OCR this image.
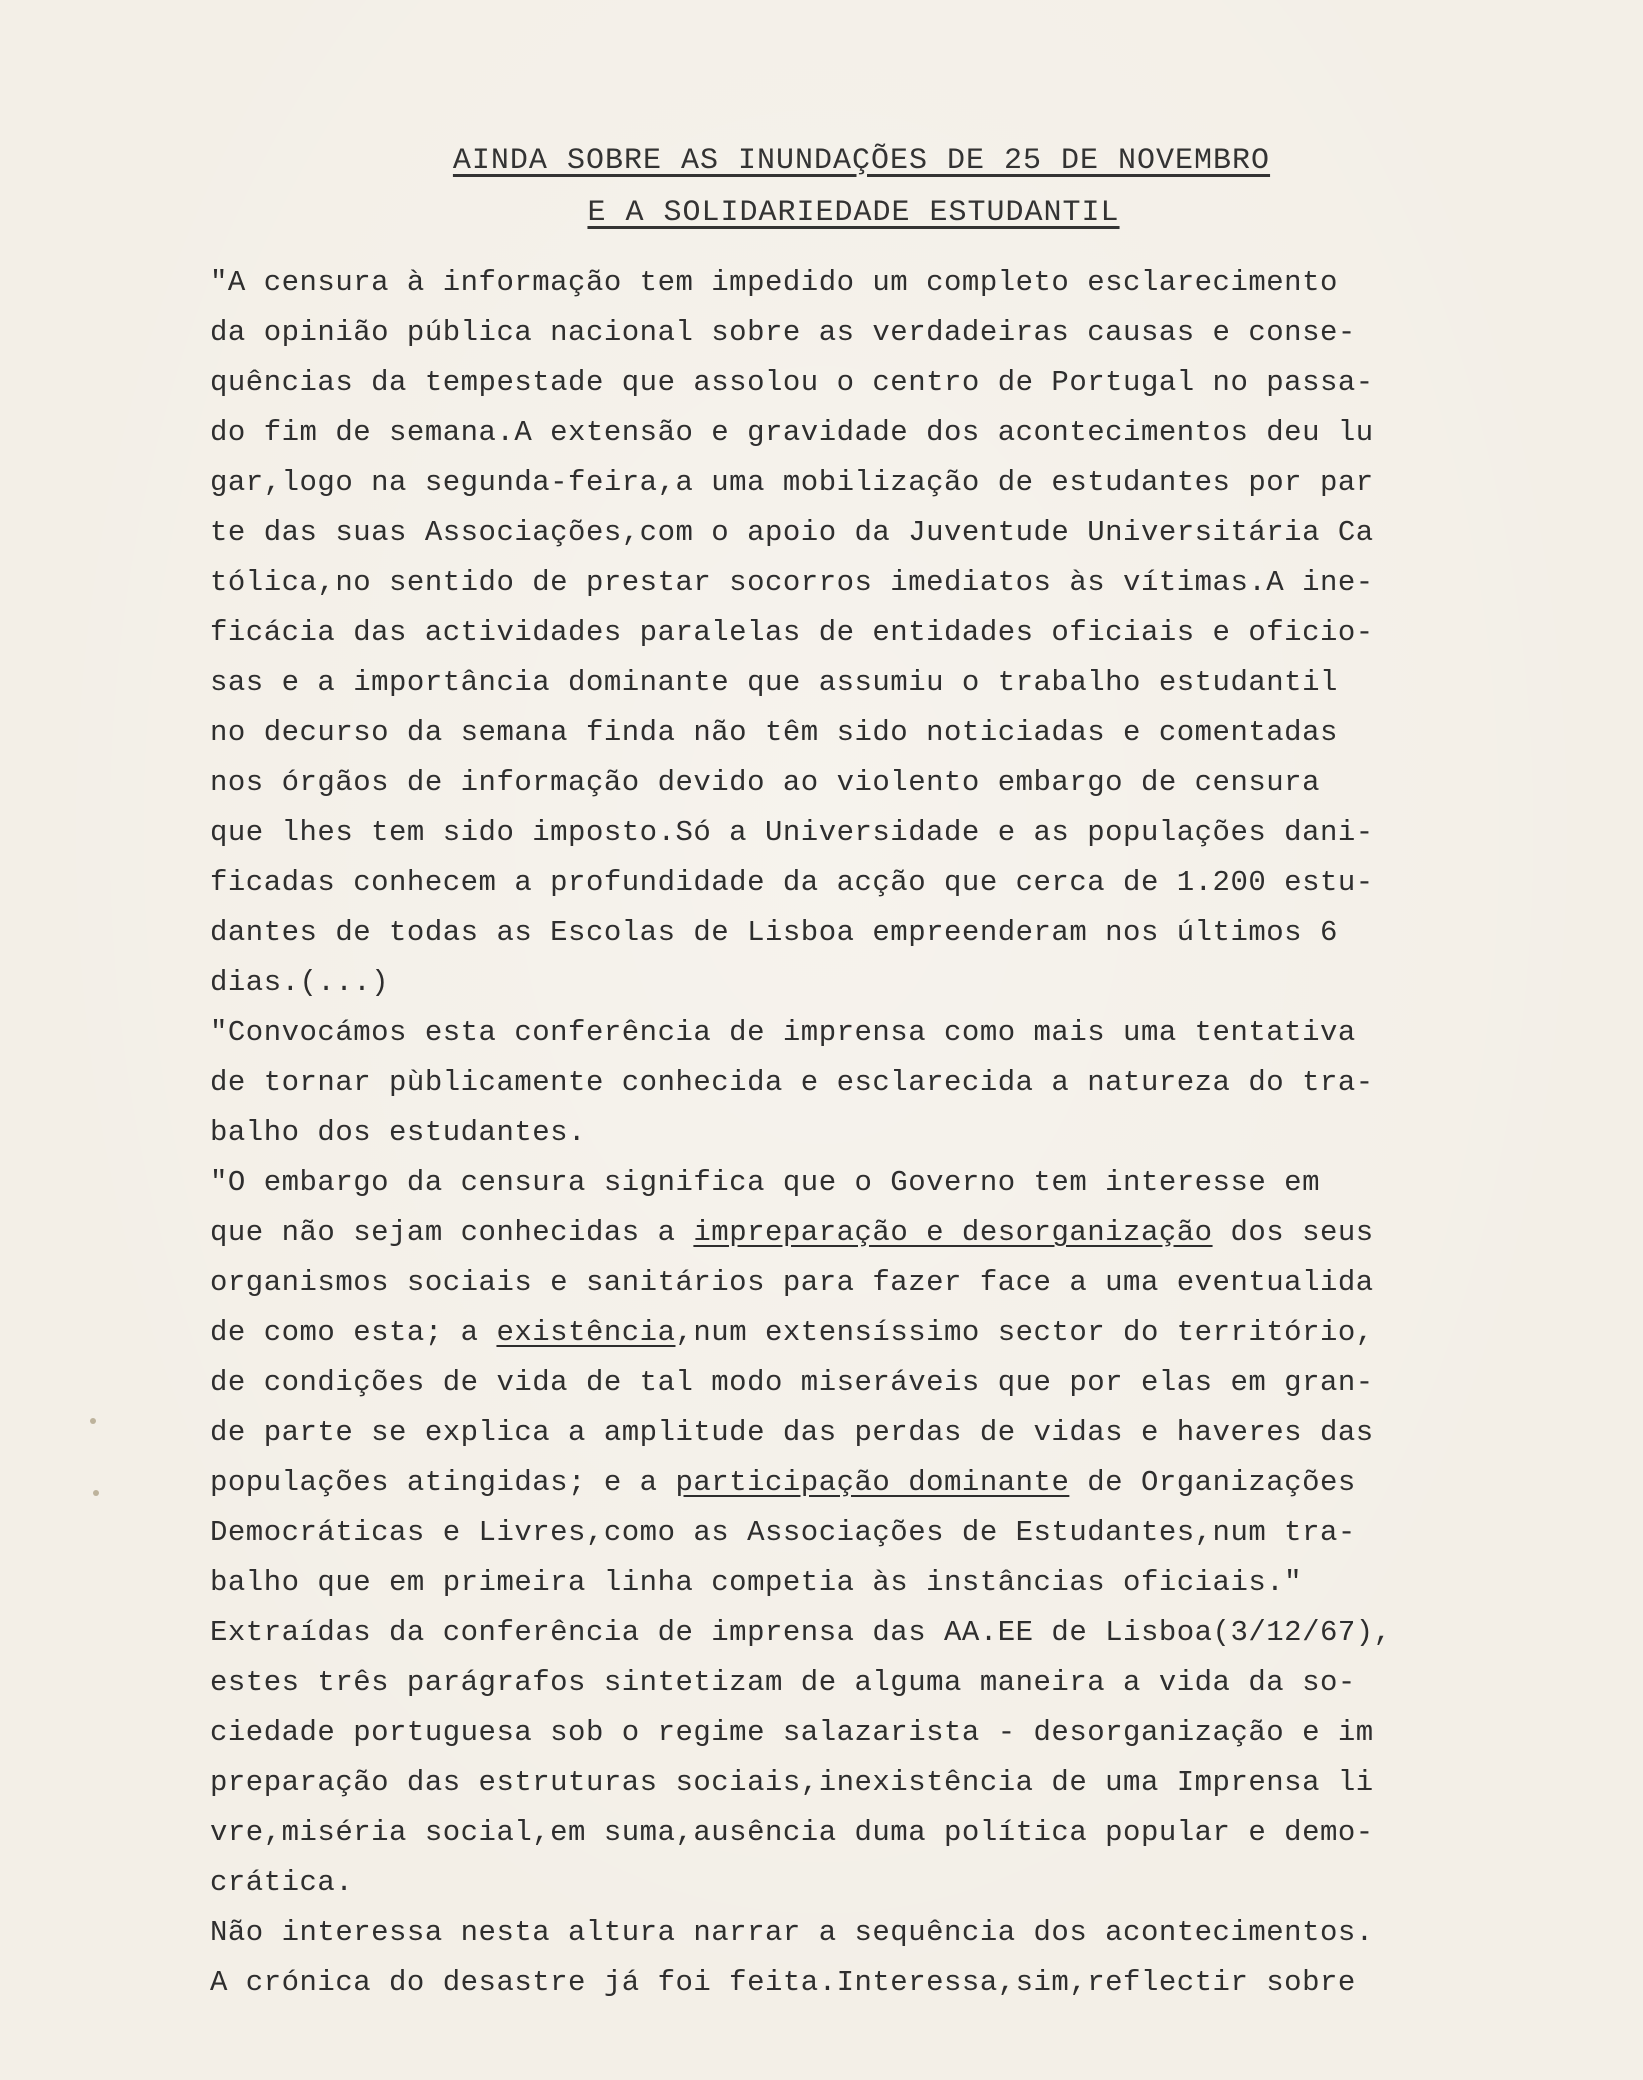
AINDA SOBRE AS INUNDAÇÕES DE 25 DE NOVEMBRO
E A SOLIDARIEDADE ESTUDANTIL
"A censura à informação tem impedido um completo esclarecimento
da opinião pública nacional sobre as verdadeiras causas e conse-
quências da tempestade que assolou o centro de Portugal no passa-
do fim de semana.A extensão e gravidade dos acontecimentos deu lu
gar,logo na segunda-feira,a uma mobilização de estudantes por par
te das suas Associações,com o apoio da Juventude Universitária Ca
tólica,no sentido de prestar socorros imediatos às vítimas.A ine-
ficácia das actividades paralelas de entidades oficiais e oficio-
sas e a importância dominante que assumiu o trabalho estudantil
no decurso da semana finda não têm sido noticiadas e comentadas
nos órgãos de informação devido ao violento embargo de censura
que lhes tem sido imposto.Só a Universidade e as populações dani-
ficadas conhecem a profundidade da acção que cerca de 1.200 estu-
dantes de todas as Escolas de Lisboa empreenderam nos últimos 6
dias.(...)
"Convocámos esta conferência de imprensa como mais uma tentativa
de tornar pùblicamente conhecida e esclarecida a natureza do tra-
balho dos estudantes.
"O embargo da censura significa que o Governo tem interesse em
que não sejam conhecidas a impreparação e desorganização dos seus
organismos sociais e sanitários para fazer face a uma eventualida
de como esta; a existência,num extensíssimo sector do território,
de condições de vida de tal modo miseráveis que por elas em gran-
de parte se explica a amplitude das perdas de vidas e haveres das
populações atingidas; e a participação dominante de Organizações
Democráticas e Livres,como as Associações de Estudantes,num tra-
balho que em primeira linha competia às instâncias oficiais."
Extraídas da conferência de imprensa das AA.EE de Lisboa(3/12/67),
estes três parágrafos sintetizam de alguma maneira a vida da so-
ciedade portuguesa sob o regime salazarista - desorganização e im
preparação das estruturas sociais,inexistência de uma Imprensa li
vre,miséria social,em suma,ausência duma política popular e demo-
crática.
Não interessa nesta altura narrar a sequência dos acontecimentos.
A crónica do desastre já foi feita.Interessa,sim,reflectir sobre
